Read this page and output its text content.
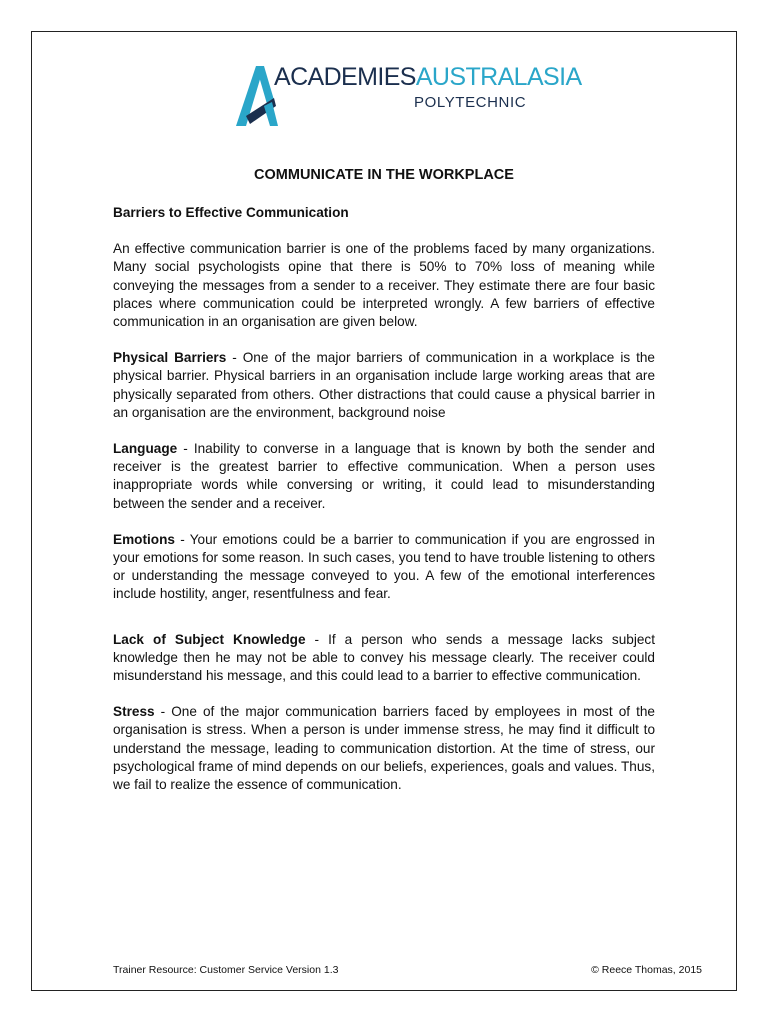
ACADEMIESAUSTRALASIA
POLYTECHNIC
COMMUNICATE IN THE WORKPLACE
Barriers to Effective Communication

An effective communication barrier is one of the problems faced by many organizations. Many social psychologists opine that there is 50% to 70% loss of meaning while conveying the messages from a sender to a receiver. They estimate there are four basic places where communication could be interpreted wrongly. A few barriers of effective communication in an organisation are given below.

Physical Barriers - One of the major barriers of communication in a workplace is the physical barrier. Physical barriers in an organisation include large working areas that are physically separated from others. Other distractions that could cause a physical barrier in an organisation are the environment, background noise

Language - Inability to converse in a language that is known by both the sender and receiver is the greatest barrier to effective communication. When a person uses inappropriate words while conversing or writing, it could lead to misunderstanding between the sender and a receiver.

Emotions - Your emotions could be a barrier to communication if you are engrossed in your emotions for some reason. In such cases, you tend to have trouble listening to others or understanding the message conveyed to you. A few of the emotional interferences include hostility, anger, resentfulness and fear.

Lack of Subject Knowledge - If a person who sends a message lacks subject knowledge then he may not be able to convey his message clearly. The receiver could misunderstand his message, and this could lead to a barrier to effective communication.

Stress - One of the major communication barriers faced by employees in most of the organisation is stress. When a person is under immense stress, he may find it difficult to understand the message, leading to communication distortion. At the time of stress, our psychological frame of mind depends on our beliefs, experiences, goals and values. Thus, we fail to realize the essence of communication.

Trainer Resource: Customer Service Version 1.3	© Reece Thomas, 2015
